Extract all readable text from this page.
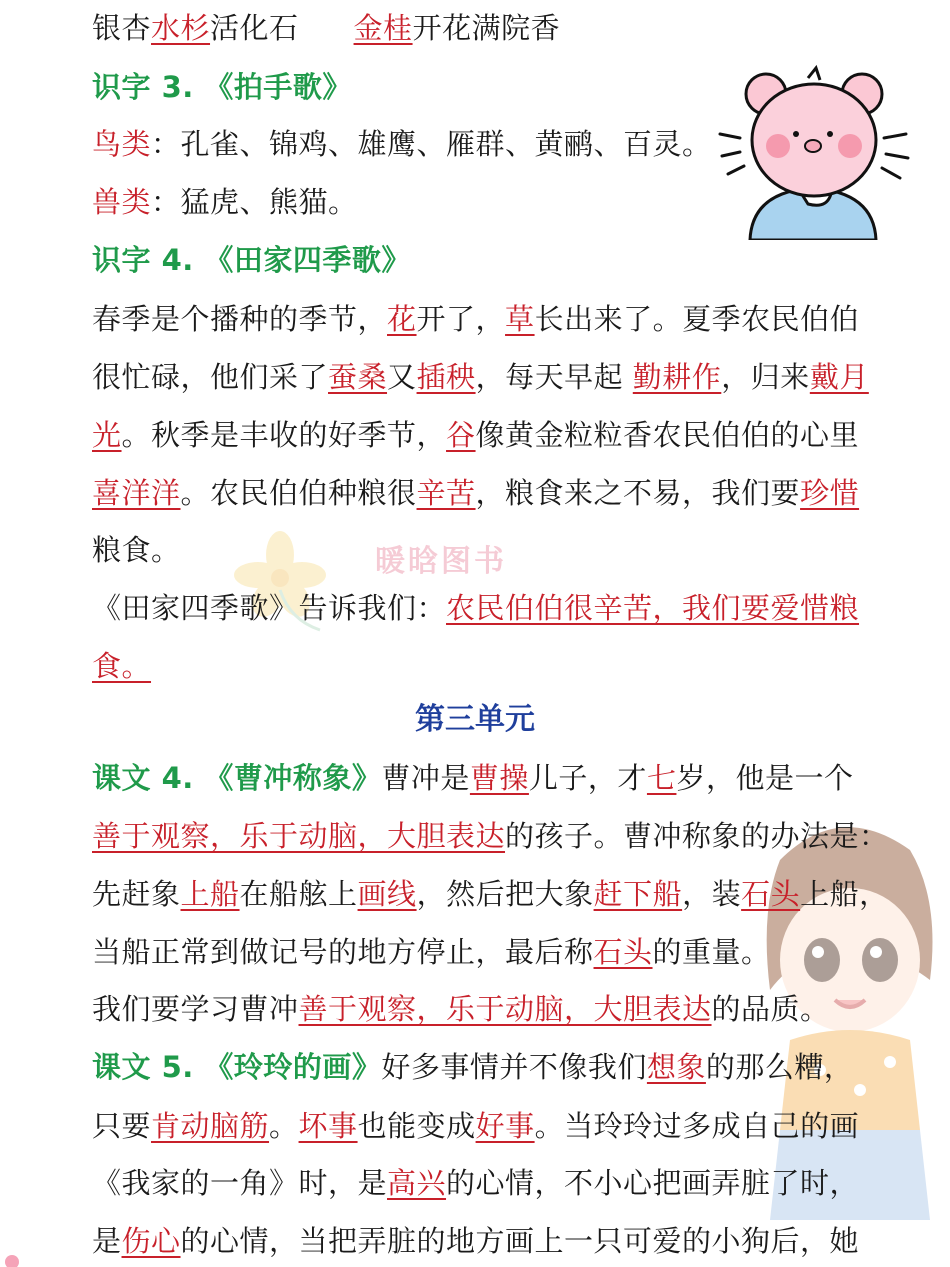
暖晗图书
银杏水杉活化石 金桂开花满院香
识字 3. 《拍手歌》
鸟类：孔雀、锦鸡、雄鹰、雁群、黄鹂、百灵。
兽类：猛虎、熊猫。
识字 4. 《田家四季歌》
春季是个播种的季节，花开了，草长出来了。夏季农民伯伯
很忙碌，他们采了蚕桑又插秧，每天早起 勤耕作，归来戴月
光。秋季是丰收的好季节，谷像黄金粒粒香农民伯伯的心里
喜洋洋。农民伯伯种粮很辛苦，粮食来之不易，我们要珍惜
粮食。
《田家四季歌》告诉我们：农民伯伯很辛苦，我们要爱惜粮
食。
课文 4. 《曹冲称象》曹冲是曹操儿子，才七岁，他是一个
善于观察，乐于动脑，大胆表达的孩子。曹冲称象的办法是：
先赶象上船在船舷上画线，然后把大象赶下船，装石头上船，
当船正常到做记号的地方停止，最后称石头的重量。
我们要学习曹冲善于观察，乐于动脑，大胆表达的品质。
课文 5. 《玲玲的画》好多事情并不像我们想象的那么糟，
只要肯动脑筋。坏事也能变成好事。当玲玲过多成自己的画
《我家的一角》时，是高兴的心情，不小心把画弄脏了时，
是伤心的心情，当把弄脏的地方画上一只可爱的小狗后，她
第三单元
